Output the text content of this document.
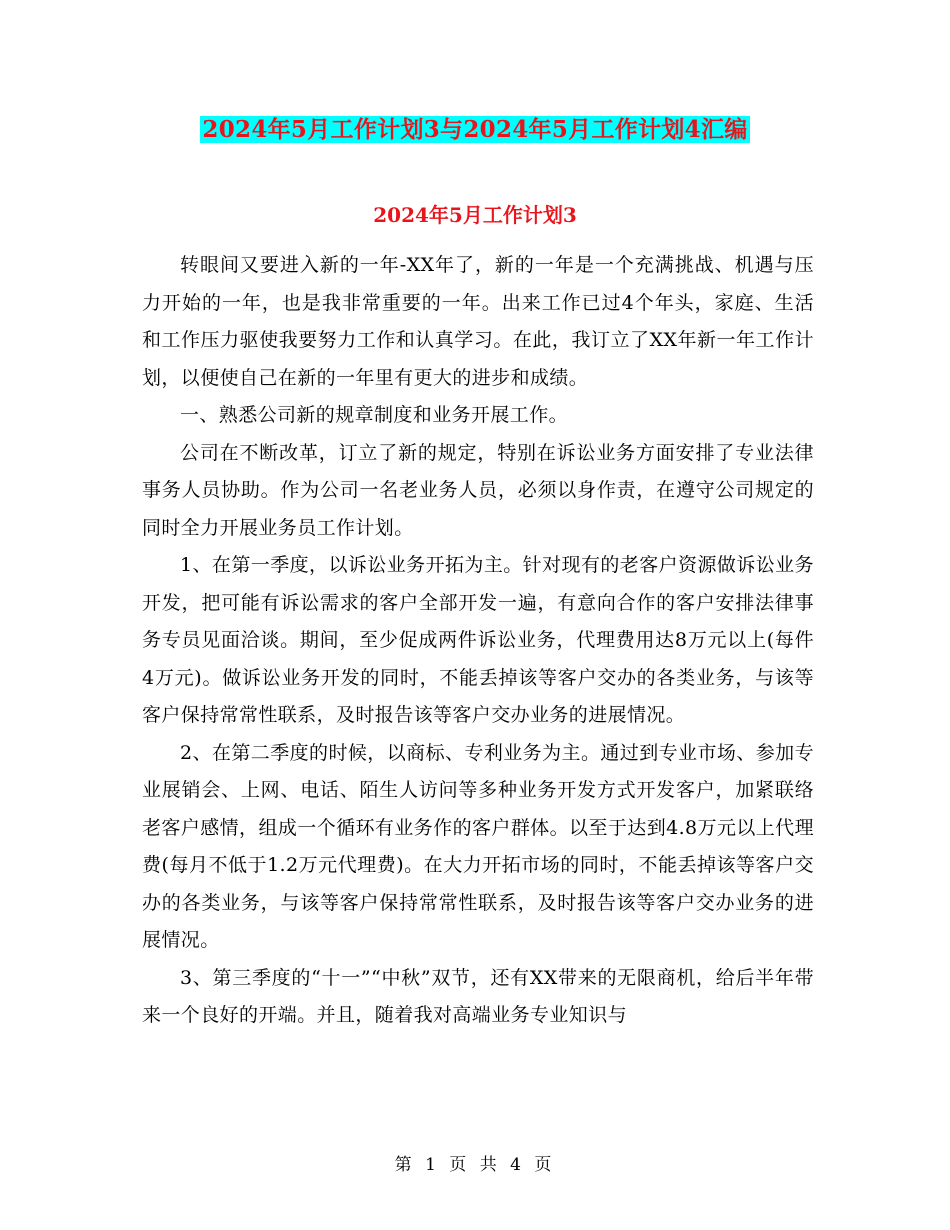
2024年5月工作计划3与2024年5月工作计划4汇编
2024年5月工作计划3

转眼间又要进入新的一年-XX年了，新的一年是一个充满挑战、机遇与压力开始的一年，也是我非常重要的一年。出来工作已过4个年头，家庭、生活和工作压力驱使我要努力工作和认真学习。在此，我订立了XX年新一年工作计划，以便使自己在新的一年里有更大的进步和成绩。

一、熟悉公司新的规章制度和业务开展工作。

公司在不断改革，订立了新的规定，特别在诉讼业务方面安排了专业法律事务人员协助。作为公司一名老业务人员，必须以身作责，在遵守公司规定的同时全力开展业务员工作计划。

1、在第一季度，以诉讼业务开拓为主。针对现有的老客户资源做诉讼业务开发，把可能有诉讼需求的客户全部开发一遍，有意向合作的客户安排法律事务专员见面洽谈。期间，至少促成两件诉讼业务，代理费用达8万元以上(每件4万元)。做诉讼业务开发的同时，不能丢掉该等客户交办的各类业务，与该等客户保持常常性联系，及时报告该等客户交办业务的进展情况。

2、在第二季度的时候，以商标、专利业务为主。通过到专业市场、参加专业展销会、上网、电话、陌生人访问等多种业务开发方式开发客户，加紧联络老客户感情，组成一个循环有业务作的客户群体。以至于达到4.8万元以上代理费(每月不低于1.2万元代理费)。在大力开拓市场的同时，不能丢掉该等客户交办的各类业务，与该等客户保持常常性联系，及时报告该等客户交办业务的进展情况。

3、第三季度的“十一”“中秋”双节，还有XX带来的无限商机，给后半年带来一个良好的开端。并且，随着我对高端业务专业知识与

第 1 页 共 4 页
